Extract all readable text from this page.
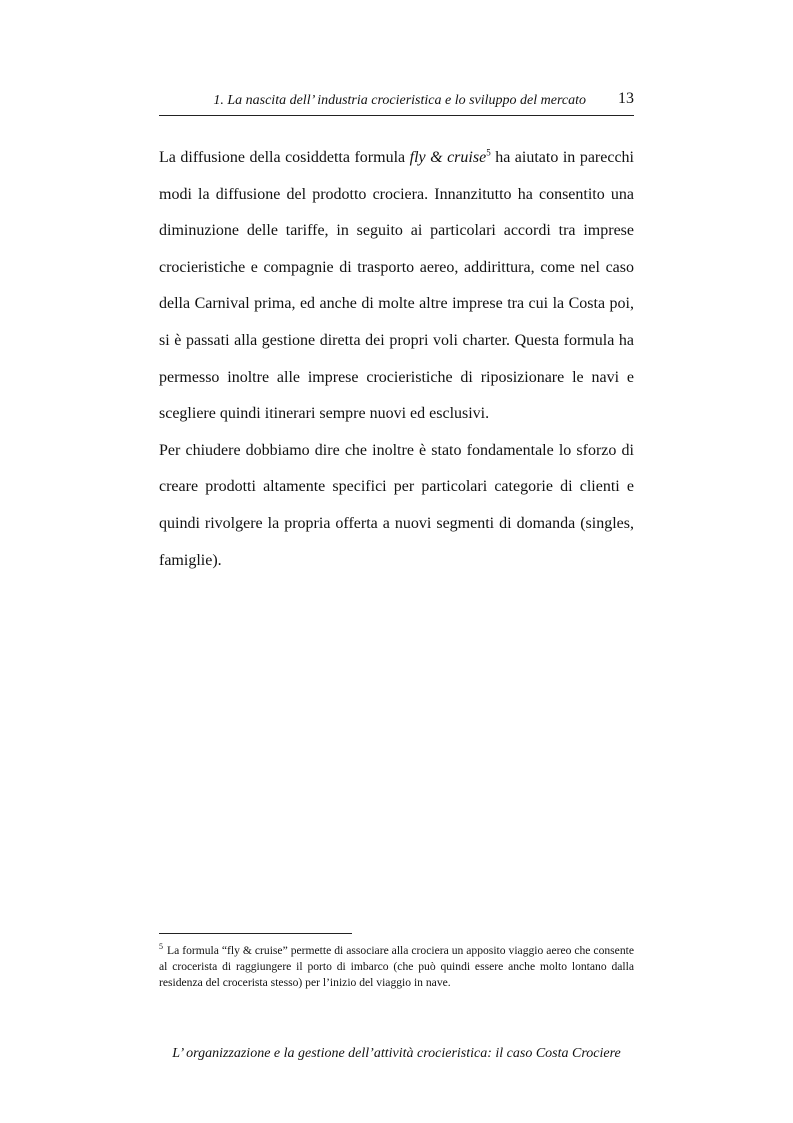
1. La nascita dell’ industria crocieristica e lo sviluppo del mercato 13

La diffusione della cosiddetta formula fly & cruise$^5$ ha aiutato in parecchi modi la diffusione del prodotto crociera. Innanzitutto ha consentito una diminuzione delle tariffe, in seguito ai particolari accordi tra imprese crocieristiche e compagnie di trasporto aereo, addirittura, come nel caso della Carnival prima, ed anche di molte altre imprese tra cui la Costa poi, si è passati alla gestione diretta dei propri voli charter. Questa formula ha permesso inoltre alle imprese crocieristiche di riposizionare le navi e scegliere quindi itinerari sempre nuovi ed esclusivi.

Per chiudere dobbiamo dire che inoltre è stato fondamentale lo sforzo di creare prodotti altamente specifici per particolari categorie di clienti e quindi rivolgere la propria offerta a nuovi segmenti di domanda (singles, famiglie).

$^5$ La formula “fly & cruise” permette di associare alla crociera un apposito viaggio aereo che consente al crocerista di raggiungere il porto di imbarco (che può quindi essere anche molto lontano dalla residenza del crocerista stesso) per l’inizio del viaggio in nave.
L’ organizzazione e la gestione dell’attività crocieristica: il caso Costa Crociere
